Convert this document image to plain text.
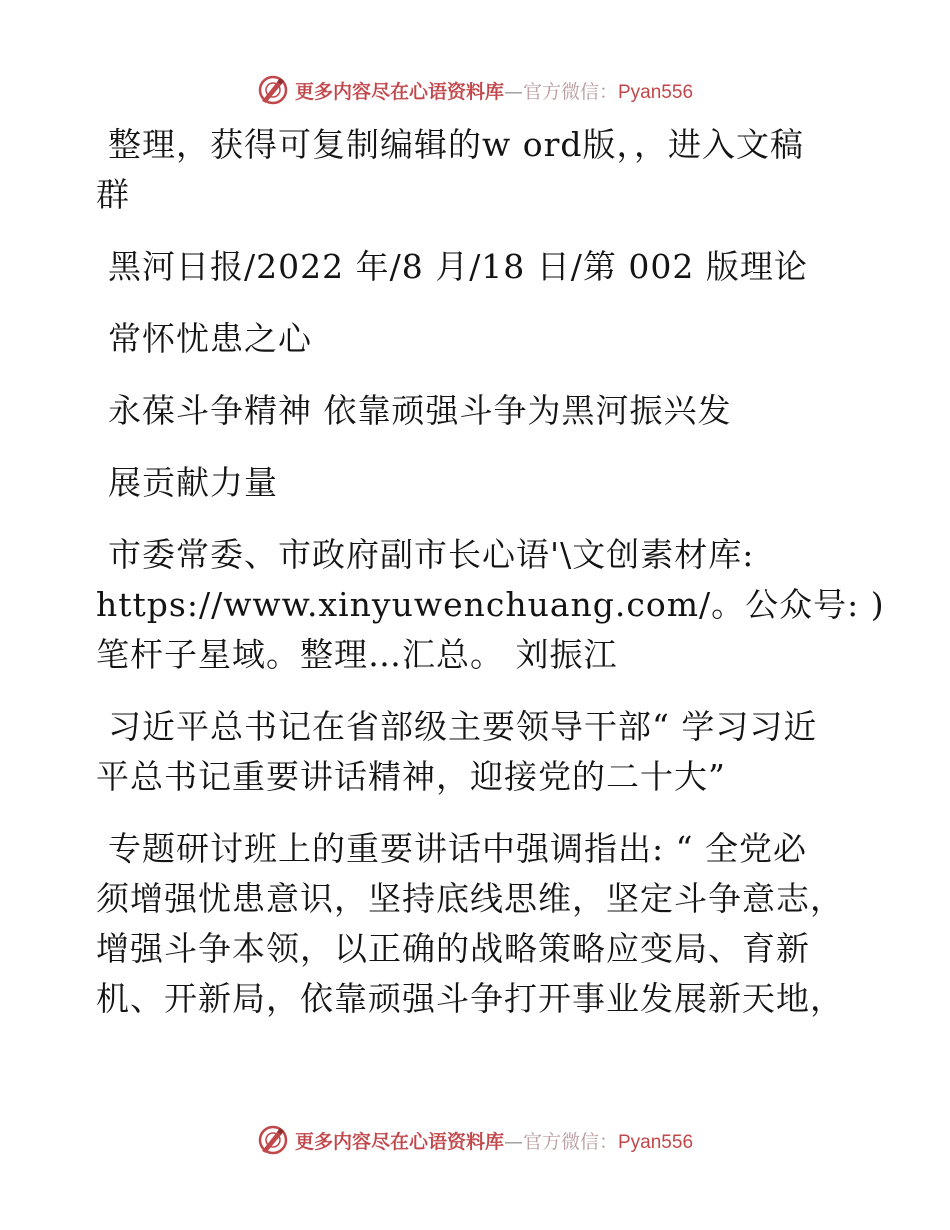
更多内容尽在心语资料库—官方微信：Pyan556

整理，获得可复制编辑的w ord版，，进入文稿

群

黑河日报/2022 年/8 月/18 日/第 002 版理论

常怀忧患之心

永葆斗争精神 依靠顽强斗争为黑河振兴发

展贡献力量

市委常委、市政府副市长心语'\文创素材库:

https://www.xinyuwenchuang.com/。公众号: )

笔杆子星域。整理…汇总。 刘振江

习近平总书记在省部级主要领导干部“ 学习习近

平总书记重要讲话精神，迎接党的二十大”

专题研讨班上的重要讲话中强调指出: “ 全党必

须增强忧患意识，坚持底线思维，坚定斗争意志，

增强斗争本领，以正确的战略策略应变局、育新

机、开新局，依靠顽强斗争打开事业发展新天地，

更多内容尽在心语资料库—官方微信：Pyan556
